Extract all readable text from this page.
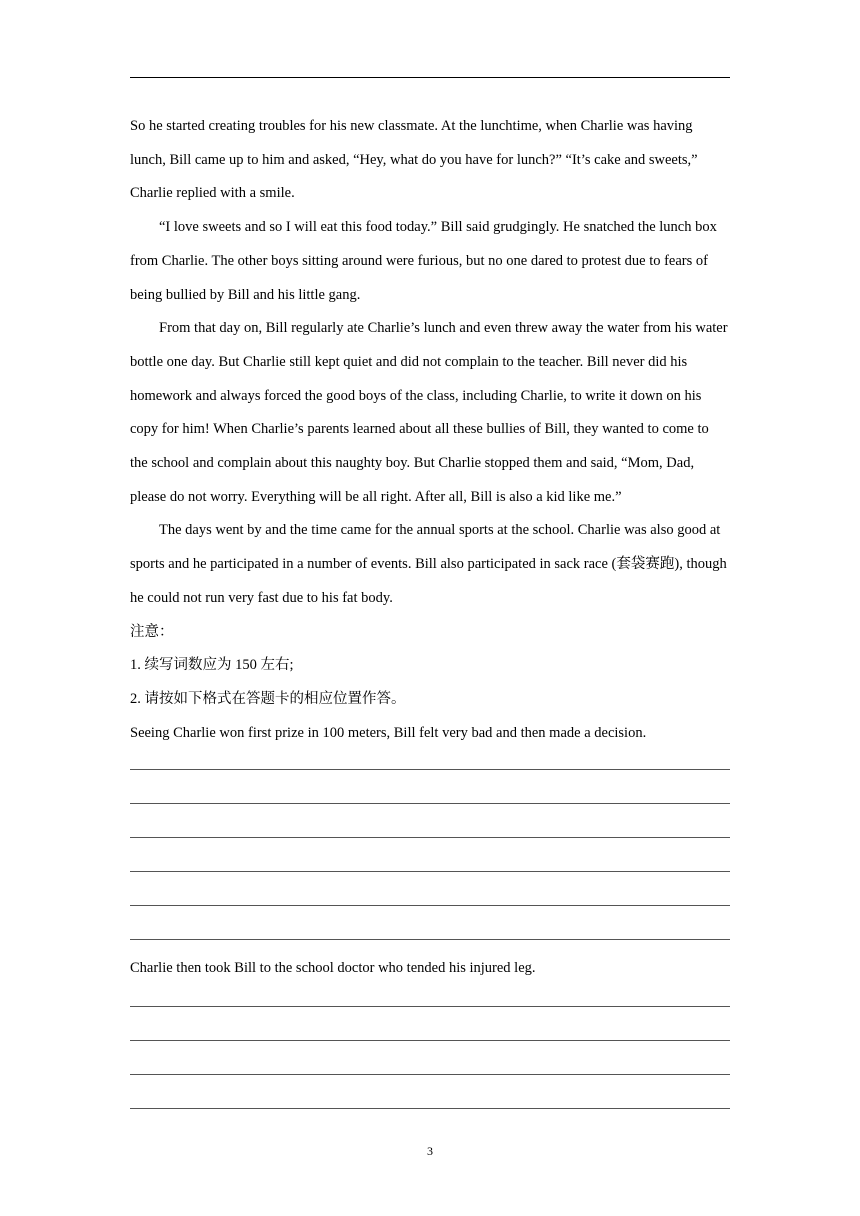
So he started creating troubles for his new classmate. At the lunchtime, when Charlie was having lunch, Bill came up to him and asked, “Hey, what do you have for lunch?” “It’s cake and sweets,” Charlie replied with a smile.

“I love sweets and so I will eat this food today.” Bill said grudgingly. He snatched the lunch box from Charlie. The other boys sitting around were furious, but no one dared to protest due to fears of being bullied by Bill and his little gang.

From that day on, Bill regularly ate Charlie’s lunch and even threw away the water from his water bottle one day. But Charlie still kept quiet and did not complain to the teacher. Bill never did his homework and always forced the good boys of the class, including Charlie, to write it down on his copy for him! When Charlie’s parents learned about all these bullies of Bill, they wanted to come to the school and complain about this naughty boy. But Charlie stopped them and said, “Mom, Dad, please do not worry. Everything will be all right. After all, Bill is also a kid like me.”

The days went by and the time came for the annual sports at the school. Charlie was also good at sports and he participated in a number of events. Bill also participated in sack race (套袋赛跑), though he could not run very fast due to his fat body.

注意：

1. 续写词数应为 150 左右;

2. 请按如下格式在答题卡的相应位置作答。

Seeing Charlie won first prize in 100 meters, Bill felt very bad and then made a decision.

Charlie then took Bill to the school doctor who tended his injured leg.
3
